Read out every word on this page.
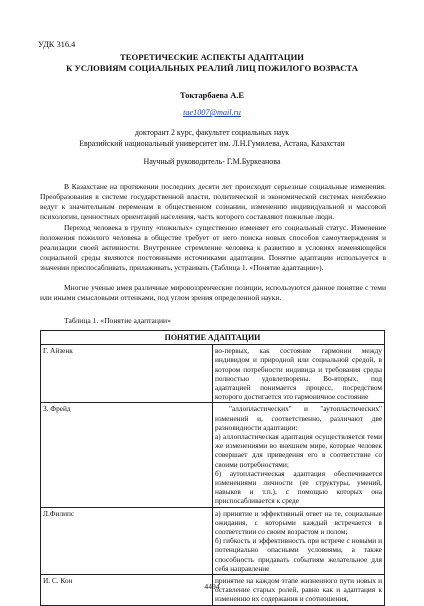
УДК 316.4
ТЕОРЕТИЧЕСКИЕ АСПЕКТЫ АДАПТАЦИИ
К УСЛОВИЯМ СОЦИАЛЬНЫХ РЕАЛИЙ ЛИЦ ПОЖИЛОГО ВОЗРАСТА
Токтарбаева А.Е
tae1007@mail.ru
докторант 2 курс, факультет социальных наук
Евразийский национальный университет им. Л.Н.Гумилева, Астана, Казахстан
Научный руководитель- Г.М.Буркеанова
В Казахстане на протяжении последних десяти лет происходят серьезные социальные изменения. Преобразования в системе государственной власти, политической и экономической системах неизбежно ведут к значительным переменам в общественном сознании, изменению индивидуальной и массовой психологии, ценностных ориентаций населения, часть которого составляют пожилые люди.
Переход человека в группу «пожилых» существенно изменяет его социальный статус. Изменение положения пожилого человека в обществе требует от него поиска новых способов самоутверждения и реализации своей активности. Внутреннее стремление человека к развитию в условиях изменяющейся социальной среды являются постоянными источниками адаптации. Понятие адаптации используется в значении приспосабливать, прилаживать, устраивать (Таблица 1. «Понятие адаптации»).
Многие ученые имея различные мировоззренческие позиции, используются данное понятие с теми или иными смысловыми оттенками, под углом зрения определенной науки.
Таблица 1. «Понятие адаптации»
ПОНЯТИЕ АДАПТАЦИИ	
Г. Айзенк	во-первых, как состояние гармонии между индивидом и природной или социальной средой, в котором потребности индивида и требования среды полностью удовлетворены. Во-вторых, под адаптацией понимается процесс, посредством которого достигается это гармоничное состояние

З. Фрейд	"аллопластических" и "аутопластических" изменений и, соответственно, различают две разновидности адаптации:
а) аллопластическая адаптация осуществляется теми же изменениями во внешнем мире, которые человек совершает для приведения его в соответствие со своими потребностями;
б) аутопластическая адаптация обеспечивается изменениями личности (ее структуры, умений, навыков и т.п.), с помощью которых она приспосабливается к среде

Л.Филипс	а) принятие и эффективный ответ на те, социальные ожидания, с которыми каждый встречается в соответствии со своим возрастом и полом;
б) гибкость и эффективность при встрече с новыми и потенциально опасными условиями, а также способность придавать событиям желательное для себя направление

И. С. Кон	принятие на каждом этапе жизненного пути новых и оставление старых ролей, равно как и адаптация к изменению их содержания и соотношения,
4494
